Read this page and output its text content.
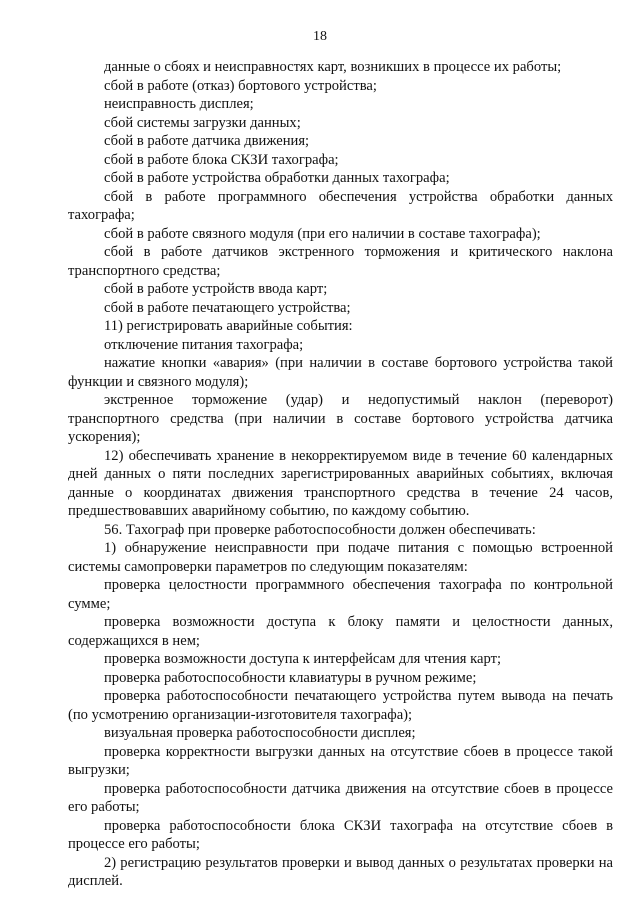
18

данные о сбоях и неисправностях карт, возникших в процессе их работы;

сбой в работе (отказ) бортового устройства;

неисправность дисплея;

сбой системы загрузки данных;

сбой в работе датчика движения;

сбой в работе блока СКЗИ тахографа;

сбой в работе устройства обработки данных тахографа;

сбой в работе программного обеспечения устройства обработки данных тахографа;

сбой в работе связного модуля (при его наличии в составе тахографа);

сбой в работе датчиков экстренного торможения и критического наклона транспортного средства;

сбой в работе устройств ввода карт;

сбой в работе печатающего устройства;

11) регистрировать аварийные события:

отключение питания тахографа;

нажатие кнопки «авария» (при наличии в составе бортового устройства такой функции и связного модуля);

экстренное торможение (удар) и недопустимый наклон (переворот) транспортного средства (при наличии в составе бортового устройства датчика ускорения);

12) обеспечивать хранение в некорректируемом виде в течение 60 календарных дней данных о пяти последних зарегистрированных аварийных событиях, включая данные о координатах движения транспортного средства в течение 24 часов, предшествовавших аварийному событию, по каждому событию.

56. Тахограф при проверке работоспособности должен обеспечивать:

1) обнаружение неисправности при подаче питания с помощью встроенной системы самопроверки параметров по следующим показателям:

проверка целостности программного обеспечения тахографа по контрольной сумме;

проверка возможности доступа к блоку памяти и целостности данных, содержащихся в нем;

проверка возможности доступа к интерфейсам для чтения карт;

проверка работоспособности клавиатуры в ручном режиме;

проверка работоспособности печатающего устройства путем вывода на печать (по усмотрению организации-изготовителя тахографа);

визуальная проверка работоспособности дисплея;

проверка корректности выгрузки данных на отсутствие сбоев в процессе такой выгрузки;

проверка работоспособности датчика движения на отсутствие сбоев в процессе его работы;

проверка работоспособности блока СКЗИ тахографа на отсутствие сбоев в процессе его работы;

2) регистрацию результатов проверки и вывод данных о результатах проверки на дисплей.
